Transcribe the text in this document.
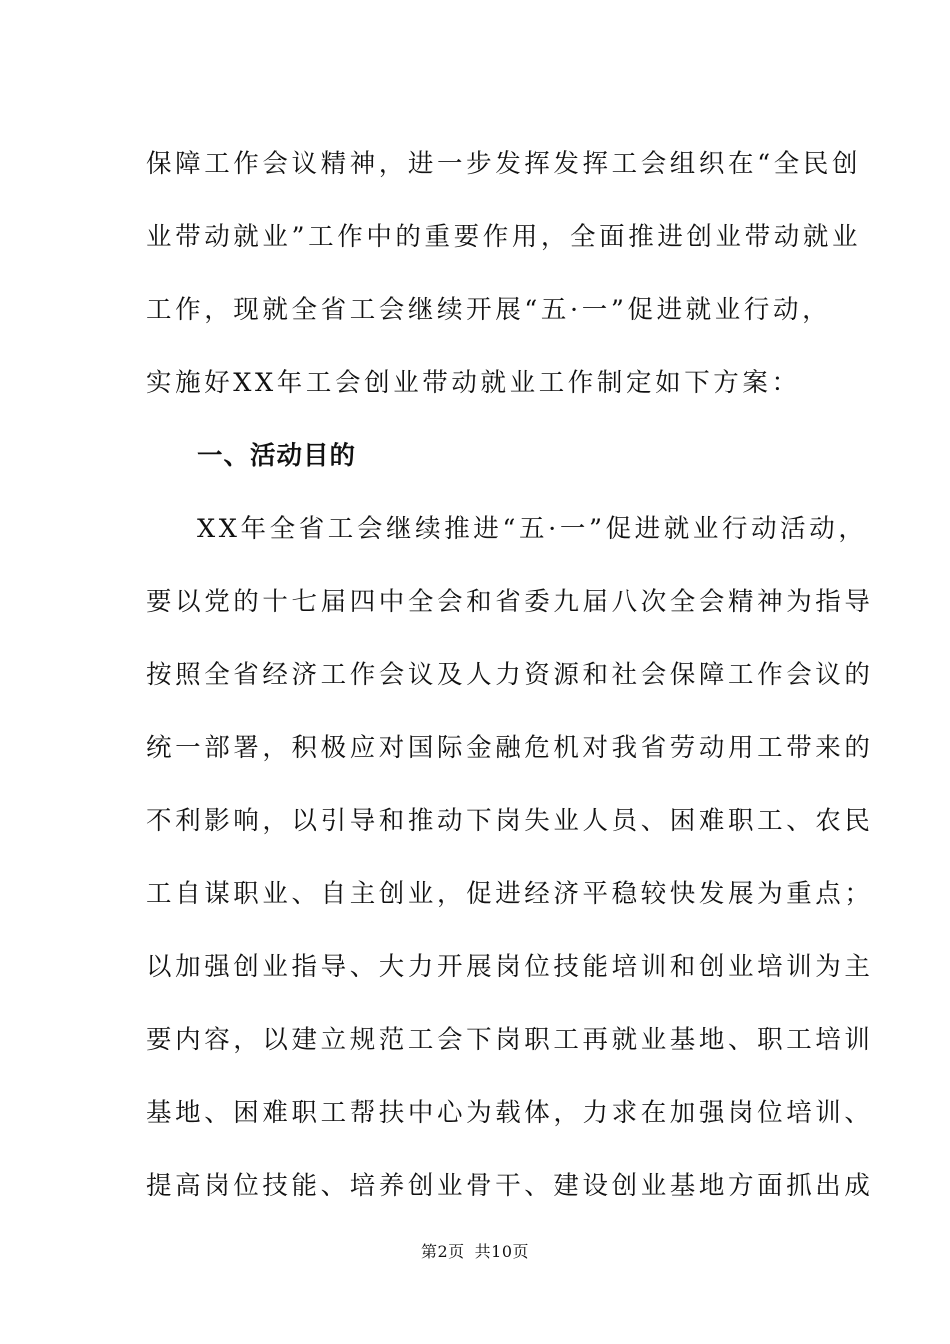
保障工作会议精神，进一步发挥发挥工会组织在“全民创
业带动就业”工作中的重要作用，全面推进创业带动就业
工作，现就全省工会继续开展“五·一”促进就业行动，
实施好XX年工会创业带动就业工作制定如下方案：
一、活动目的
XX年全省工会继续推进“五·一”促进就业行动活动，
要以党的十七届四中全会和省委九届八次全会精神为指导
按照全省经济工作会议及人力资源和社会保障工作会议的
统一部署，积极应对国际金融危机对我省劳动用工带来的
不利影响，以引导和推动下岗失业人员、困难职工、农民
工自谋职业、自主创业，促进经济平稳较快发展为重点；
以加强创业指导、大力开展岗位技能培训和创业培训为主
要内容，以建立规范工会下岗职工再就业基地、职工培训
基地、困难职工帮扶中心为载体，力求在加强岗位培训、
提高岗位技能、培养创业骨干、建设创业基地方面抓出成
第2页 共10页
